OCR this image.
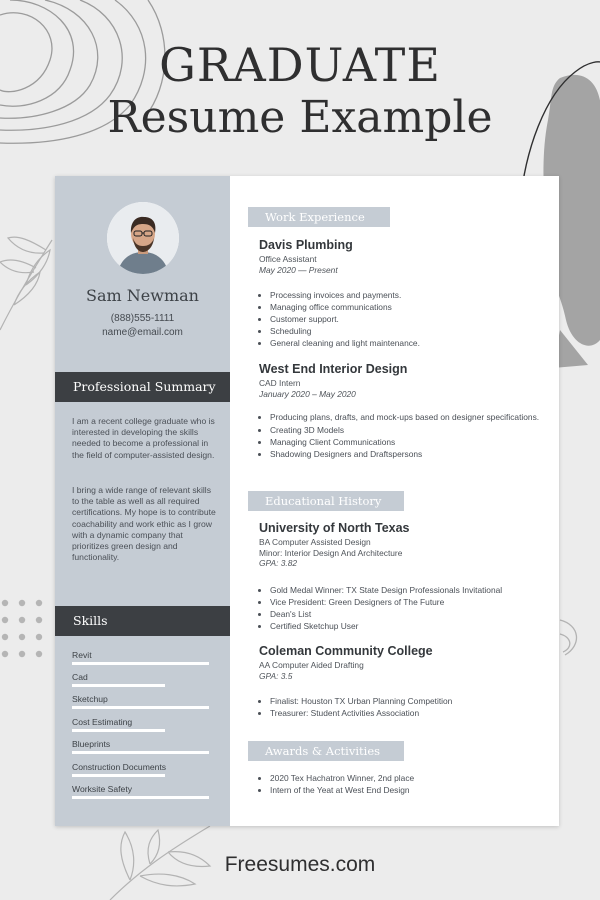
GRADUATE
Resume Example
Sam Newman
(888)555-1111
name@email.com
Professional Summary

I am a recent college graduate who is interested in developing the skills needed to become a professional in the field of computer-assisted design.

I bring a wide range of relevant skills to the table as well as all required certifications. My hope is to contribute coachability and work ethic as I grow with a dynamic company that prioritizes green design and functionality.

Skills
Revit
Cad
Sketchup
Cost Estimating
Blueprints
Construction Documents
Worksite Safety
Work Experience
Davis Plumbing
Office Assistant
May 2020 — Present
• Processing invoices and payments.
• Managing office communications
• Customer support.
• Scheduling
• General cleaning and light maintenance.
West End Interior Design
CAD Intern
January 2020 – May 2020
• Producing plans, drafts, and mock-ups based on designer specifications.
• Creating 3D Models
• Managing Client Communications
• Shadowing Designers and Draftspersons
Educational History
University of North Texas
BA Computer Assisted Design
Minor: Interior Design And Architecture
GPA: 3.82
• Gold Medal Winner: TX State Design Professionals Invitational
• Vice President: Green Designers of The Future
• Dean's List
• Certified Sketchup User
Coleman Community College
AA Computer Aided Drafting
GPA: 3.5
• Finalist: Houston TX Urban Planning Competition
• Treasurer: Student Activities Association
Awards & Activities
• 2020 Tex Hachatron Winner, 2nd place
• Intern of the Yeat at West End Design
Freesumes.com
